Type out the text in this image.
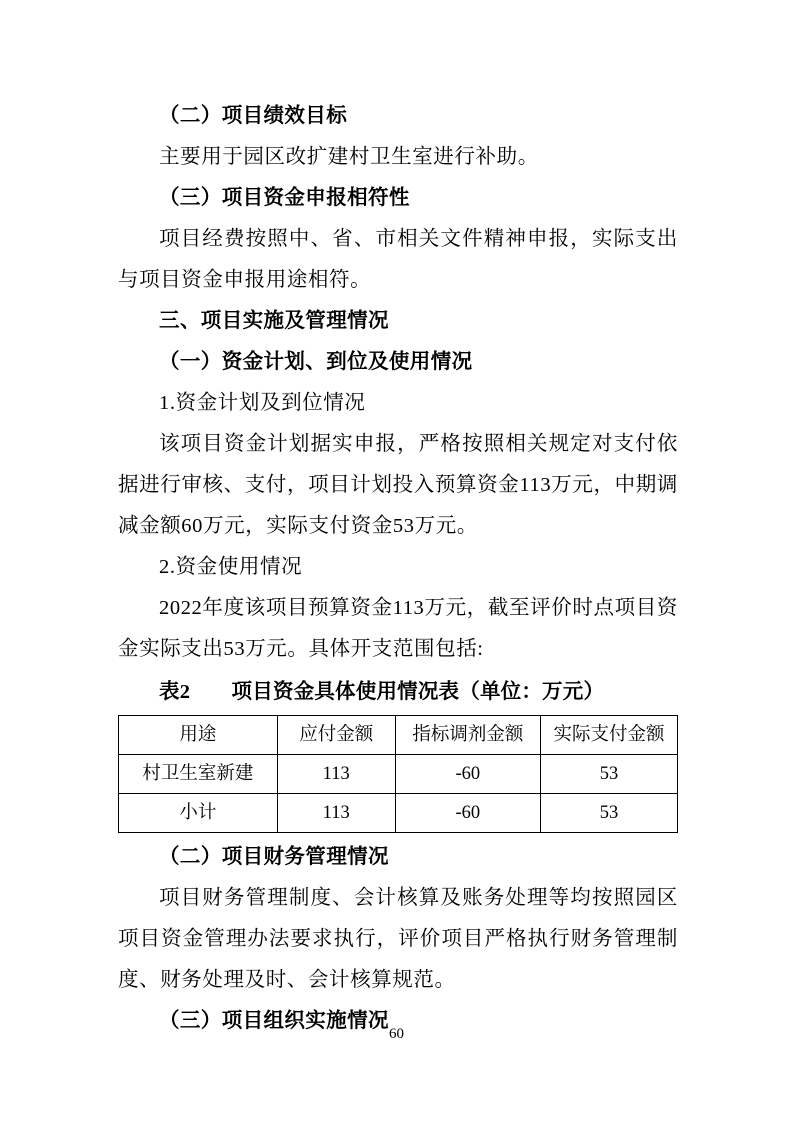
（二）项目绩效目标

主要用于园区改扩建村卫生室进行补助。

（三）项目资金申报相符性

项目经费按照中、省、市相关文件精神申报，实际支出与项目资金申报用途相符。

三、项目实施及管理情况

（一）资金计划、到位及使用情况

1.资金计划及到位情况

该项目资金计划据实申报，严格按照相关规定对支付依据进行审核、支付，项目计划投入预算资金113万元，中期调减金额60万元，实际支付资金53万元。

2.资金使用情况

2022年度该项目预算资金113万元，截至评价时点项目资金实际支出53万元。具体开支范围包括:

表2　　项目资金具体使用情况表（单位：万元）

用途	应付金额	指标调剂金额	实际支付金额
村卫生室新建	113	-60	53
小计	113	-60	53

（二）项目财务管理情况

项目财务管理制度、会计核算及账务处理等均按照园区项目资金管理办法要求执行，评价项目严格执行财务管理制度、财务处理及时、会计核算规范。

（三）项目组织实施情况

60
